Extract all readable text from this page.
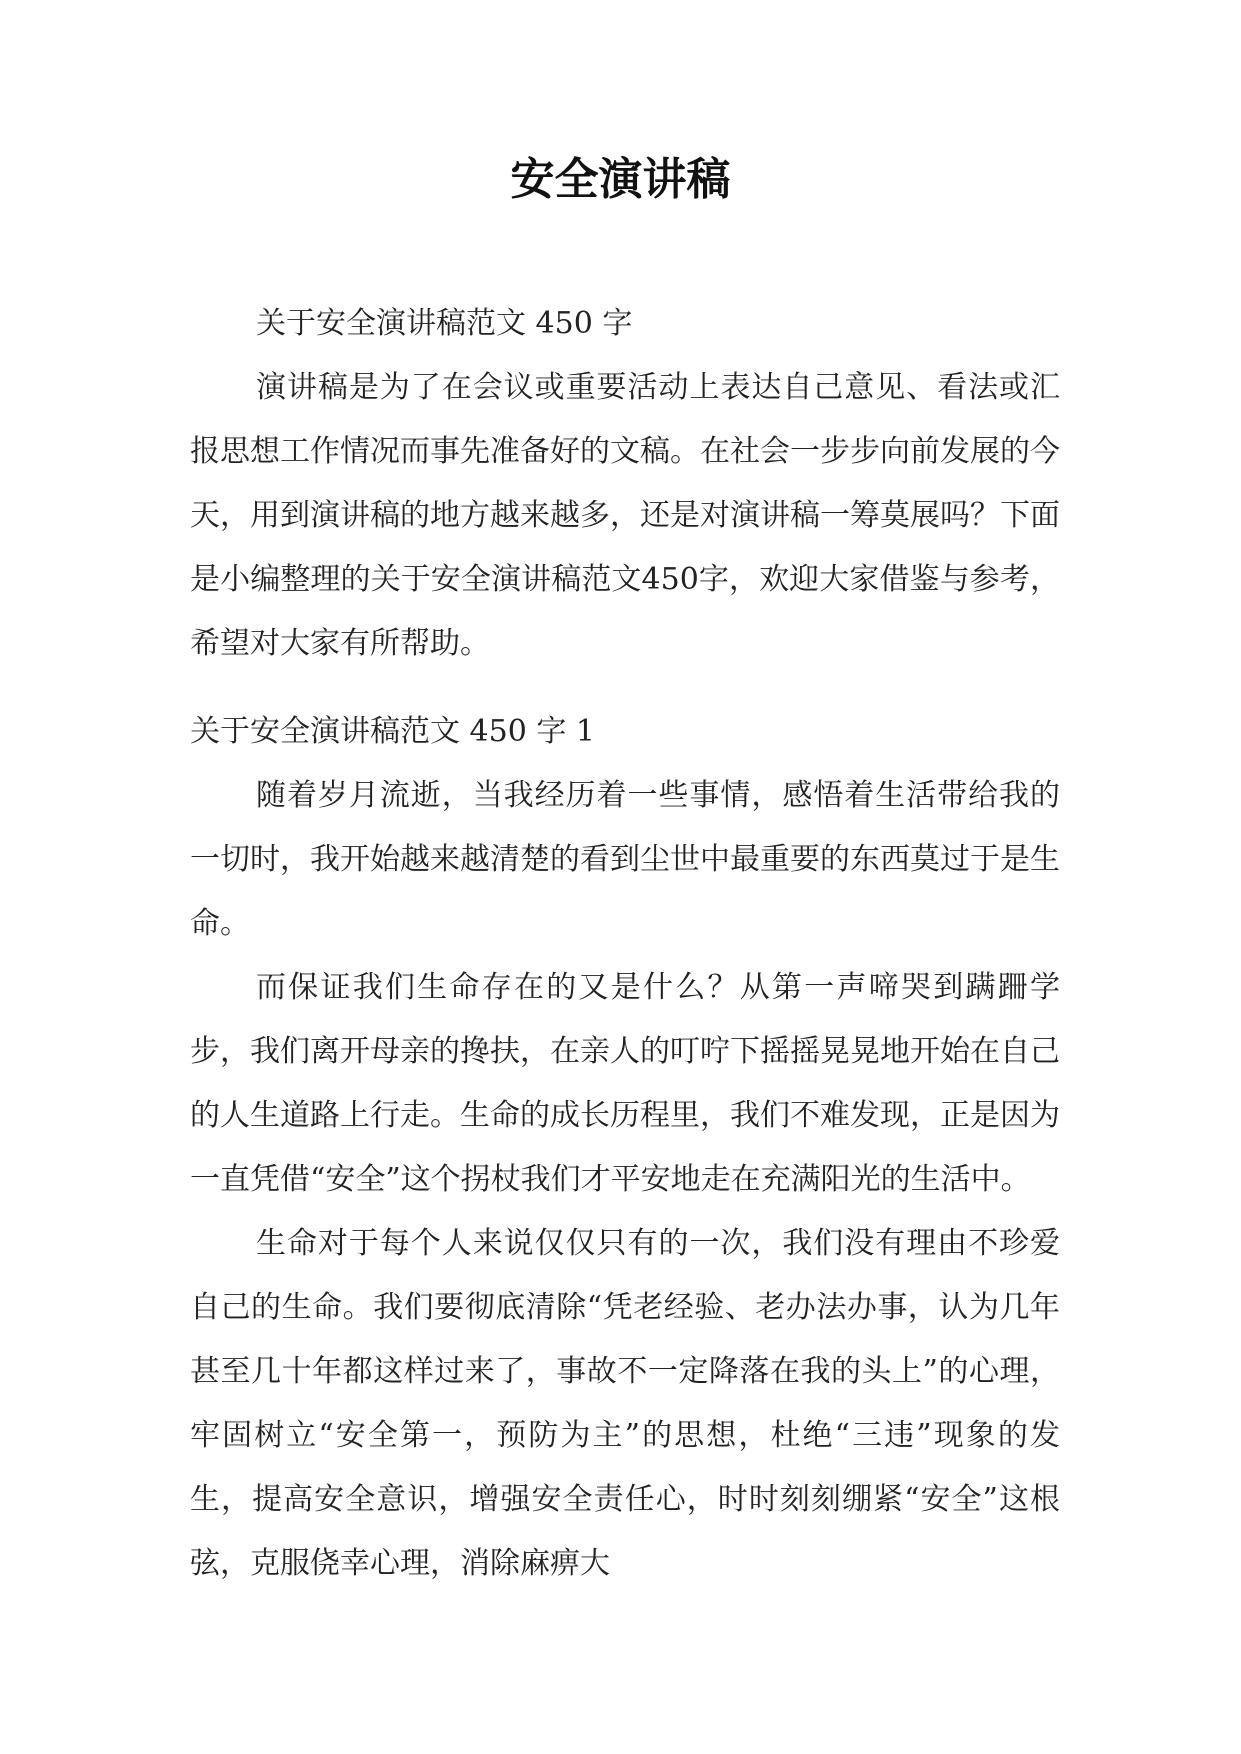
安全演讲稿

关于安全演讲稿范文 450 字

演讲稿是为了在会议或重要活动上表达自己意见、看法或汇报思想工作情况而事先准备好的文稿。在社会一步步向前发展的今天，用到演讲稿的地方越来越多，还是对演讲稿一筹莫展吗？下面是小编整理的关于安全演讲稿范文450字，欢迎大家借鉴与参考，希望对大家有所帮助。

关于安全演讲稿范文 450 字 1

随着岁月流逝，当我经历着一些事情，感悟着生活带给我的一切时，我开始越来越清楚的看到尘世中最重要的东西莫过于是生命。

而保证我们生命存在的又是什么？从第一声啼哭到蹒跚学步，我们离开母亲的搀扶，在亲人的叮咛下摇摇晃晃地开始在自己的人生道路上行走。生命的成长历程里，我们不难发现，正是因为一直凭借“安全”这个拐杖我们才平安地走在充满阳光的生活中。

生命对于每个人来说仅仅只有的一次，我们没有理由不珍爱自己的生命。我们要彻底清除“凭老经验、老办法办事，认为几年甚至几十年都这样过来了，事故不一定降落在我的头上”的心理，牢固树立“安全第一，预防为主”的思想，杜绝“三违”现象的发生，提高安全意识，增强安全责任心，时时刻刻绷紧“安全”这根弦，克服侥幸心理，消除麻痹大
